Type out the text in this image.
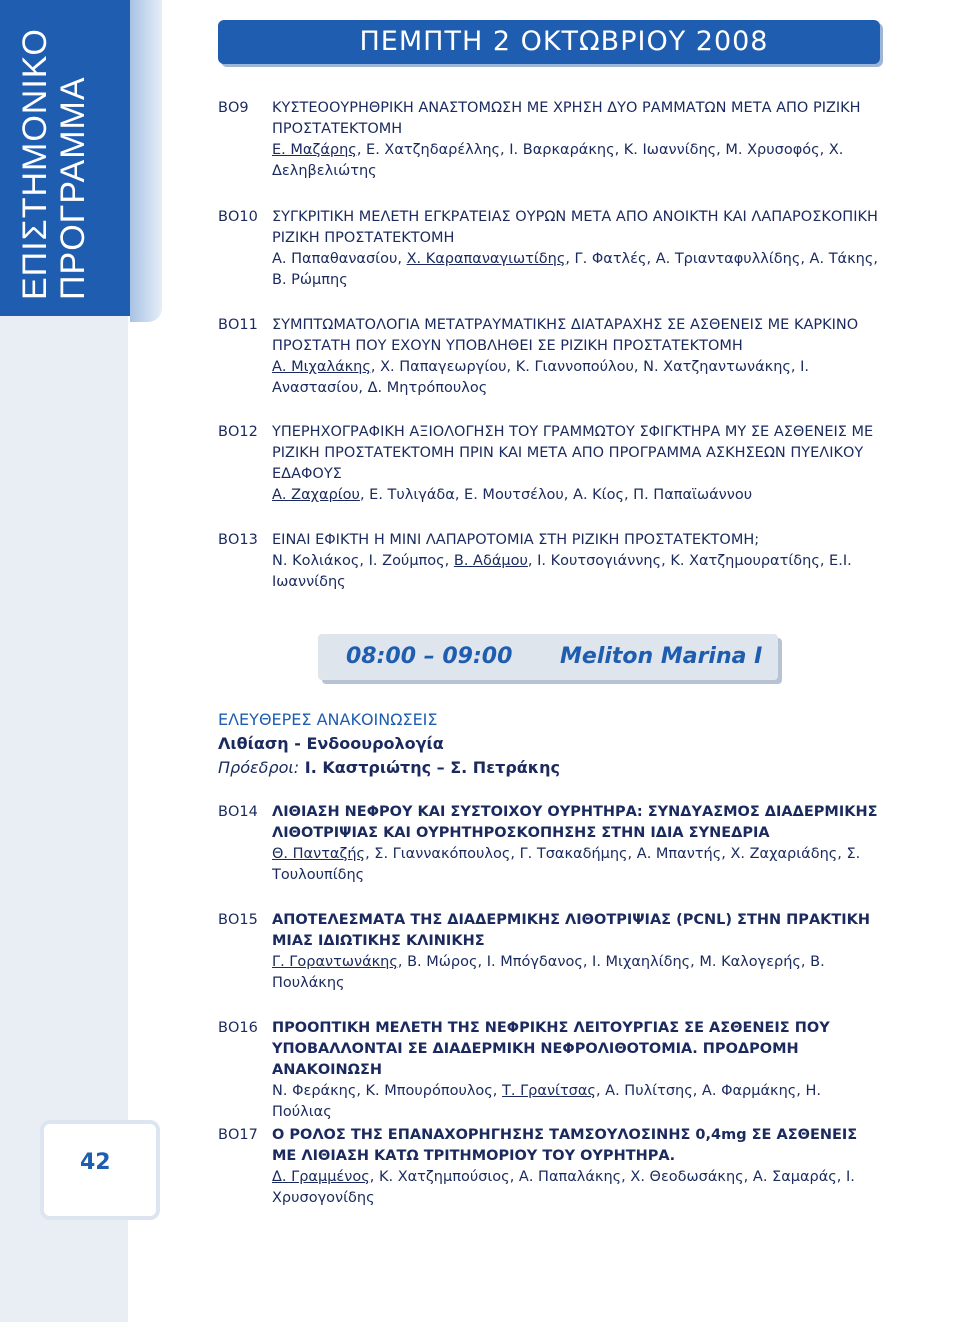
ΕΠΙΣΤΗΜΟΝΙΚΟ ΠΡΟΓΡΑΜΜΑ
42
ΠΕΜΠΤΗ 2 ΟΚΤΩΒΡΙΟΥ 2008
ΒΟ9 ΚΥΣΤΕΟΟΥΡΗΘΡΙΚΗ ΑΝΑΣΤΟΜΩΣΗ ΜΕ ΧΡΗΣΗ ΔΥΟ ΡΑΜΜΑΤΩΝ ΜΕΤΑ ΑΠΟ ΡΙΖΙΚΗ ΠΡΟΣΤΑΤΕΚΤΟΜΗ
Ε. Μαζάρης, Ε. Χατζηδαρέλλης, Ι. Βαρκαράκης, Κ. Ιωαννίδης, Μ. Χρυσοφός, Χ. Δεληβελιώτης
ΒΟ10 ΣΥΓΚΡΙΤΙΚΗ ΜΕΛΕΤΗ ΕΓΚΡΑΤΕΙΑΣ ΟΥΡΩΝ ΜΕΤΑ ΑΠΟ ΑΝΟΙΚΤΗ ΚΑΙ ΛΑΠΑΡΟΣΚΟΠΙΚΗ ΡΙΖΙΚΗ ΠΡΟΣΤΑΤΕΚΤΟΜΗ
Α. Παπαθανασίου, Χ. Καραπαναγιωτίδης, Γ. Φατλές, Α. Τριανταφυλλίδης, Α. Τάκης, Β. Ρώμπης
ΒΟ11 ΣΥΜΠΤΩΜΑΤΟΛΟΓΙΑ ΜΕΤΑΤΡΑΥΜΑΤΙΚΗΣ ΔΙΑΤΑΡΑΧΗΣ ΣΕ ΑΣΘΕΝΕΙΣ ΜΕ ΚΑΡΚΙΝΟ ΠΡΟΣΤΑΤΗ ΠΟΥ ΕΧΟΥΝ ΥΠΟΒΛΗΘΕΙ ΣΕ ΡΙΖΙΚΗ ΠΡΟΣΤΑΤΕΚΤΟΜΗ
Α. Μιχαλάκης, Χ. Παπαγεωργίου, Κ. Γιαννοπούλου, Ν. Χατζηαντωνάκης, Ι. Αναστασίου, Δ. Μητρόπουλος
ΒΟ12 ΥΠΕΡΗΧΟΓΡΑΦΙΚΗ ΑΞΙΟΛΟΓΗΣΗ ΤΟΥ ΓΡΑΜΜΩΤΟΥ ΣΦΙΓΚΤΗΡΑ ΜΥ ΣΕ ΑΣΘΕΝΕΙΣ ΜΕ ΡΙΖΙΚΗ ΠΡΟΣΤΑΤΕΚΤΟΜΗ ΠΡΙΝ ΚΑΙ ΜΕΤΑ ΑΠΟ ΠΡΟΓΡΑΜΜΑ ΑΣΚΗΣΕΩΝ ΠΥΕΛΙΚΟΥ ΕΔΑΦΟΥΣ
Α. Ζαχαρίου, Ε. Τυλιγάδα, Ε. Μουτσέλου, Α. Κίος, Π. Παπαϊωάννου
ΒΟ13 ΕΙΝΑΙ ΕΦΙΚΤΗ Η ΜΙΝΙ ΛΑΠΑΡΟΤΟΜΙΑ ΣΤΗ ΡΙΖΙΚΗ ΠΡΟΣΤΑΤΕΚΤΟΜΗ;
Ν. Κολιάκος, Ι. Ζούμπος, Β. Αδάμου, Ι. Κουτσογιάννης, Κ. Χατζημουρατίδης, Ε.Ι. Ιωαννίδης
08:00 – 09:00 Meliton Marina I
ΕΛΕΥΘΕΡΕΣ ΑΝΑΚΟΙΝΩΣΕΙΣ
Λιθίαση - Ενδοουρολογία
Πρόεδροι: Ι. Καστριώτης – Σ. Πετράκης
ΒΟ14 ΛΙΘΙΑΣΗ ΝΕΦΡΟΥ ΚΑΙ ΣΥΣΤΟΙΧΟΥ ΟΥΡΗΤΗΡΑ: ΣΥΝΔΥΑΣΜΟΣ ΔΙΑΔΕΡΜΙΚΗΣ ΛΙΘΟΤΡΙΨΙΑΣ ΚΑΙ ΟΥΡΗΤΗΡΟΣΚΟΠΗΣΗΣ ΣΤΗΝ ΙΔΙΑ ΣΥΝΕΔΡΙΑ
Θ. Πανταζής, Σ. Γιαννακόπουλος, Γ. Τσακαδήμης, Α. Μπαντής, Χ. Ζαχαριάδης, Σ. Τουλουπίδης
ΒΟ15 ΑΠΟΤΕΛΕΣΜΑΤΑ ΤΗΣ ΔΙΑΔΕΡΜΙΚΗΣ ΛΙΘΟΤΡΙΨΙΑΣ (PCNL) ΣΤΗΝ ΠΡΑΚΤΙΚΗ ΜΙΑΣ ΙΔΙΩΤΙΚΗΣ ΚΛΙΝΙΚΗΣ
Γ. Γοραντωνάκης, Β. Μώρος, Ι. Μπόγδανος, Ι. Μιχαηλίδης, Μ. Καλογερής, Β. Πουλάκης
ΒΟ16 ΠΡΟΟΠΤΙΚΗ ΜΕΛΕΤΗ ΤΗΣ ΝΕΦΡΙΚΗΣ ΛΕΙΤΟΥΡΓΙΑΣ ΣΕ ΑΣΘΕΝΕΙΣ ΠΟΥ ΥΠΟΒΑΛΛΟΝΤΑΙ ΣΕ ΔΙΑΔΕΡΜΙΚΗ ΝΕΦΡΟΛΙΘΟΤΟΜΙΑ. ΠΡΟΔΡΟΜΗ ΑΝΑΚΟΙΝΩΣΗ
Ν. Φεράκης, Κ. Μπουρόπουλος, Τ. Γρανίτσας, Α. Πυλίτσης, Α. Φαρμάκης, Η. Πούλιας
ΒΟ17 Ο ΡΟΛΟΣ ΤΗΣ ΕΠΑΝΑΧΟΡΗΓΗΣΗΣ ΤΑΜΣΟΥΛΟΣΙΝΗΣ 0,4mg ΣΕ ΑΣΘΕΝΕΙΣ ΜΕ ΛΙΘΙΑΣΗ ΚΑΤΩ ΤΡΙΤΗΜΟΡΙΟΥ ΤΟΥ ΟΥΡΗΤΗΡΑ.
Δ. Γραμμένος, Κ. Χατζημπούσιος, Α. Παπαλάκης, Χ. Θεοδωσάκης, Α. Σαμαράς, Ι. Χρυσογονίδης
